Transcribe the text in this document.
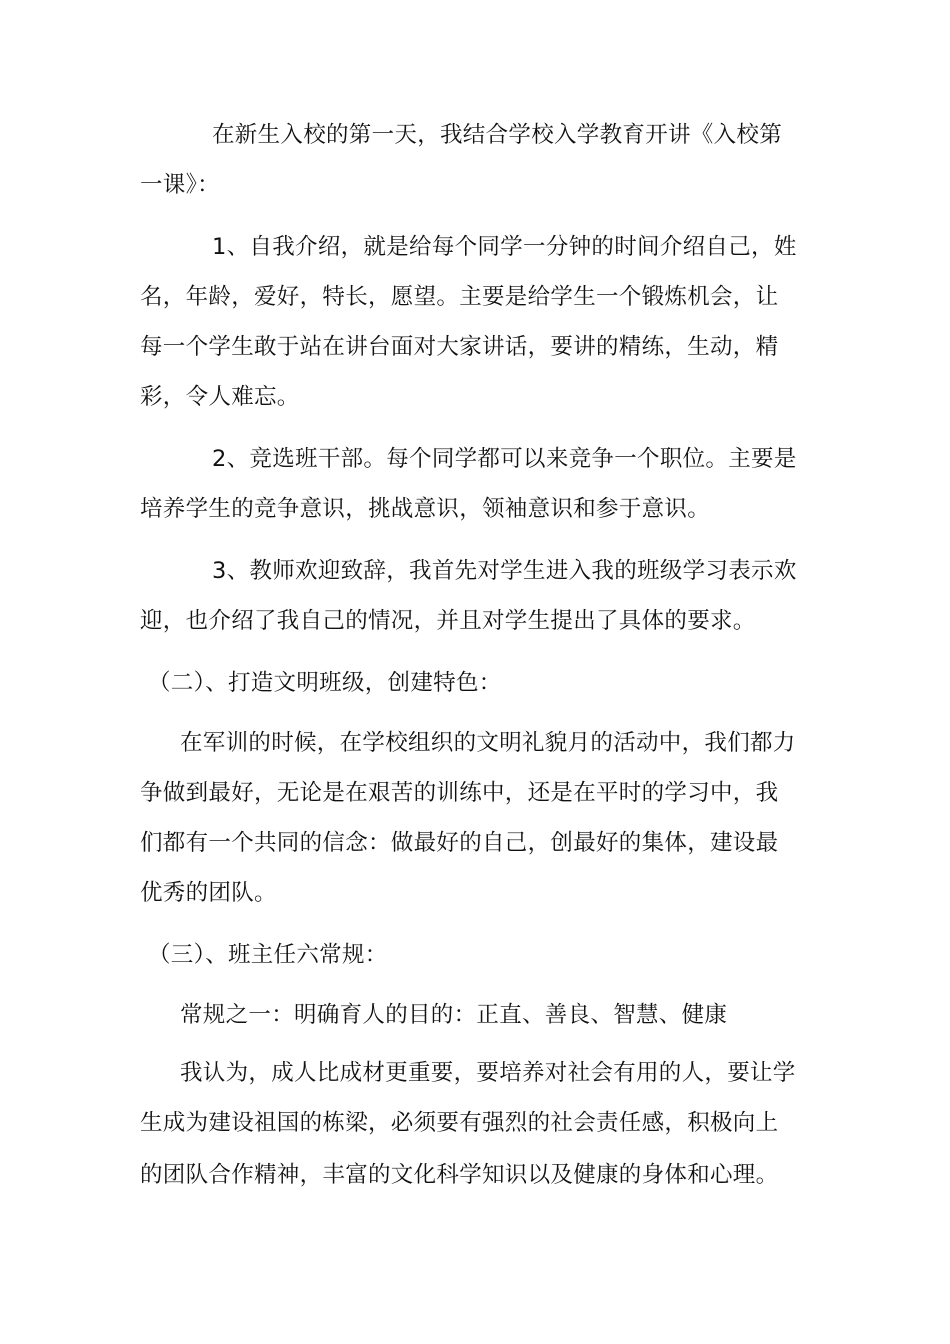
在新生入校的第一天，我结合学校入学教育开讲《入校第
一课》：
1、自我介绍，就是给每个同学一分钟的时间介绍自己，姓
名，年龄，爱好，特长，愿望。主要是给学生一个锻炼机会，让
每一个学生敢于站在讲台面对大家讲话，要讲的精练，生动，精
彩，令人难忘。
2、竞选班干部。每个同学都可以来竞争一个职位。主要是
培养学生的竞争意识，挑战意识，领袖意识和参于意识。
3、教师欢迎致辞，我首先对学生进入我的班级学习表示欢
迎，也介绍了我自己的情况，并且对学生提出了具体的要求。
（二）、打造文明班级，创建特色：
在军训的时候，在学校组织的文明礼貌月的活动中，我们都力
争做到最好，无论是在艰苦的训练中，还是在平时的学习中，我
们都有一个共同的信念：做最好的自己，创最好的集体，建设最
优秀的团队。
（三）、班主任六常规：
常规之一：明确育人的目的：正直、善良、智慧、健康
我认为，成人比成材更重要，要培养对社会有用的人，要让学
生成为建设祖国的栋梁，必须要有强烈的社会责任感，积极向上
的团队合作精神，丰富的文化科学知识以及健康的身体和心理。
